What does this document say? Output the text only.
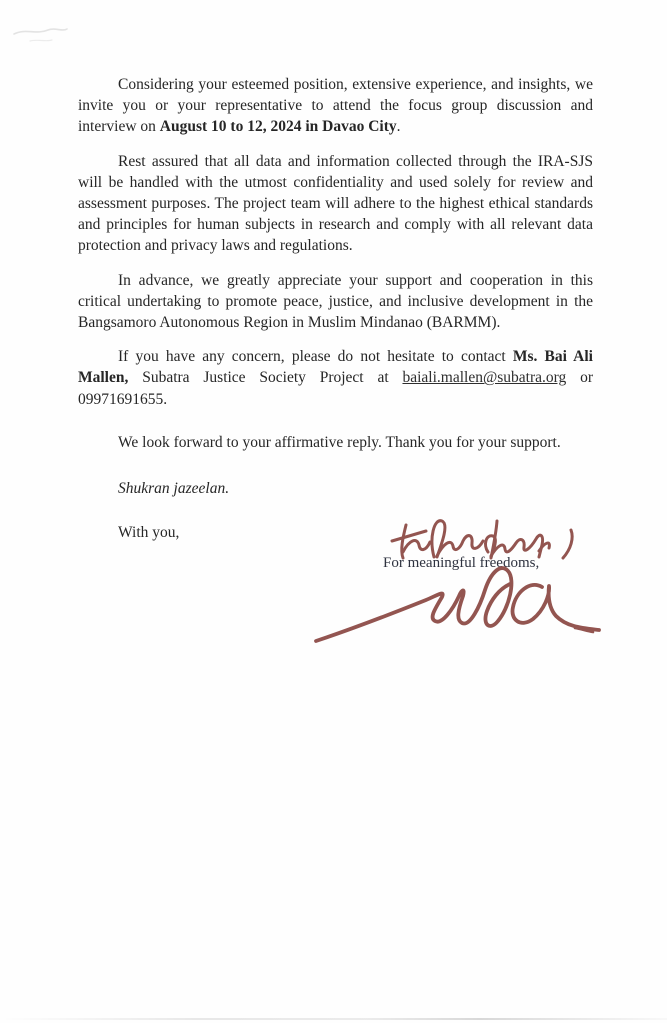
Considering your esteemed position, extensive experience, and insights, we invite you or your representative to attend the focus group discussion and interview on August 10 to 12, 2024 in Davao City.

Rest assured that all data and information collected through the IRA-SJS will be handled with the utmost confidentiality and used solely for review and assessment purposes. The project team will adhere to the highest ethical standards and principles for human subjects in research and comply with all relevant data protection and privacy laws and regulations.

In advance, we greatly appreciate your support and cooperation in this critical undertaking to promote peace, justice, and inclusive development in the Bangsamoro Autonomous Region in Muslim Mindanao (BARMM).

If you have any concern, please do not hesitate to contact Ms. Bai Ali Mallen, Subatra Justice Society Project at baiali.mallen@subatra.org or 09971691655.

We look forward to your affirmative reply. Thank you for your support.

Shukran jazeelan.

With you,

For meaningful freedoms,
